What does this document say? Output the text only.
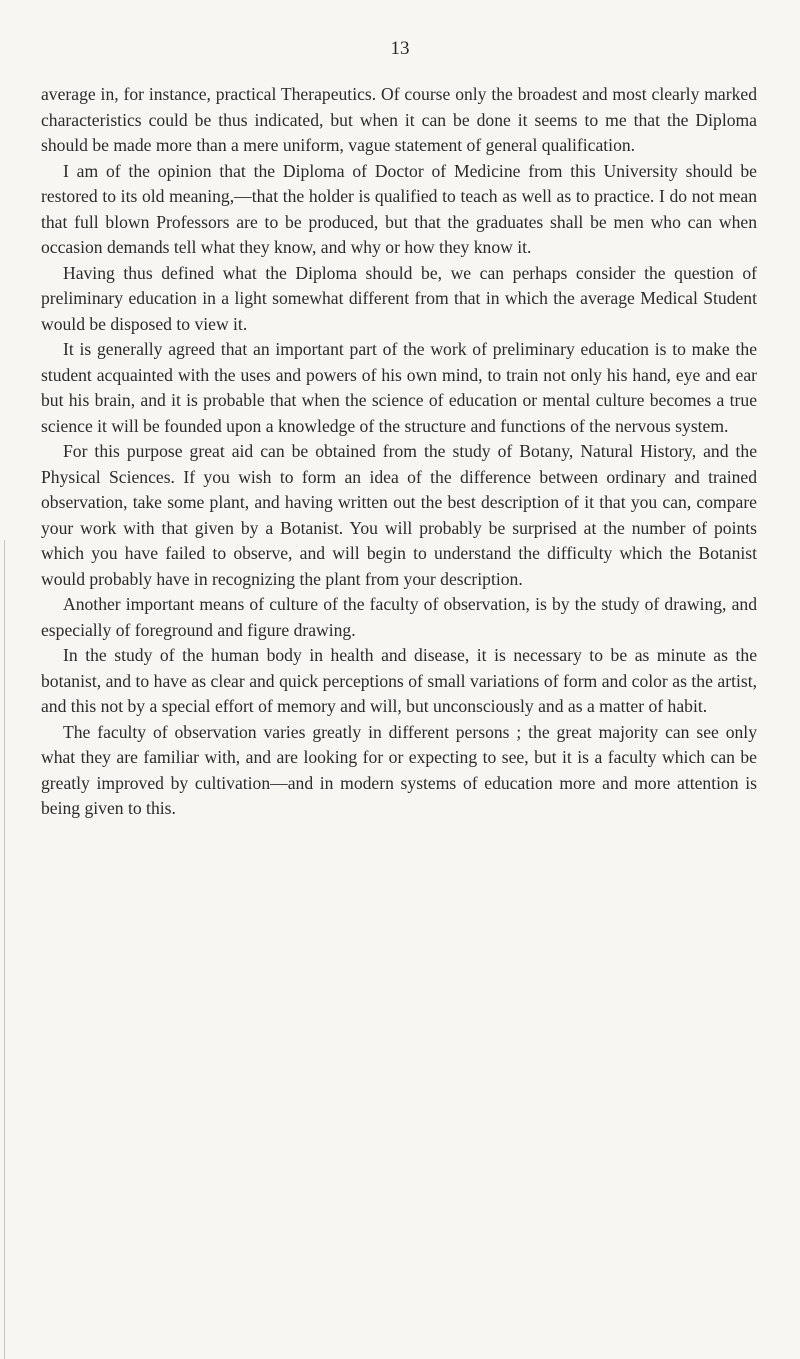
13

average in, for instance, practical Therapeutics. Of course only the broadest and most clearly marked characteristics could be thus indicated, but when it can be done it seems to me that the Diploma should be made more than a mere uniform, vague statement of general qualification.

I am of the opinion that the Diploma of Doctor of Medicine from this University should be restored to its old meaning,—that the holder is qualified to teach as well as to practice. I do not mean that full blown Professors are to be produced, but that the graduates shall be men who can when occasion demands tell what they know, and why or how they know it.

Having thus defined what the Diploma should be, we can perhaps consider the question of preliminary education in a light somewhat different from that in which the average Medical Student would be disposed to view it.

It is generally agreed that an important part of the work of preliminary education is to make the student acquainted with the uses and powers of his own mind, to train not only his hand, eye and ear but his brain, and it is probable that when the science of education or mental culture becomes a true science it will be founded upon a knowledge of the structure and functions of the nervous system.

For this purpose great aid can be obtained from the study of Botany, Natural History, and the Physical Sciences. If you wish to form an idea of the difference between ordinary and trained observation, take some plant, and having written out the best description of it that you can, compare your work with that given by a Botanist. You will probably be surprised at the number of points which you have failed to observe, and will begin to understand the difficulty which the Botanist would probably have in recognizing the plant from your description.

Another important means of culture of the faculty of observation, is by the study of drawing, and especially of foreground and figure drawing.

In the study of the human body in health and disease, it is necessary to be as minute as the botanist, and to have as clear and quick perceptions of small variations of form and color as the artist, and this not by a special effort of memory and will, but unconsciously and as a matter of habit.

The faculty of observation varies greatly in different persons ; the great majority can see only what they are familiar with, and are looking for or expecting to see, but it is a faculty which can be greatly improved by cultivation—and in modern systems of education more and more attention is being given to this.
